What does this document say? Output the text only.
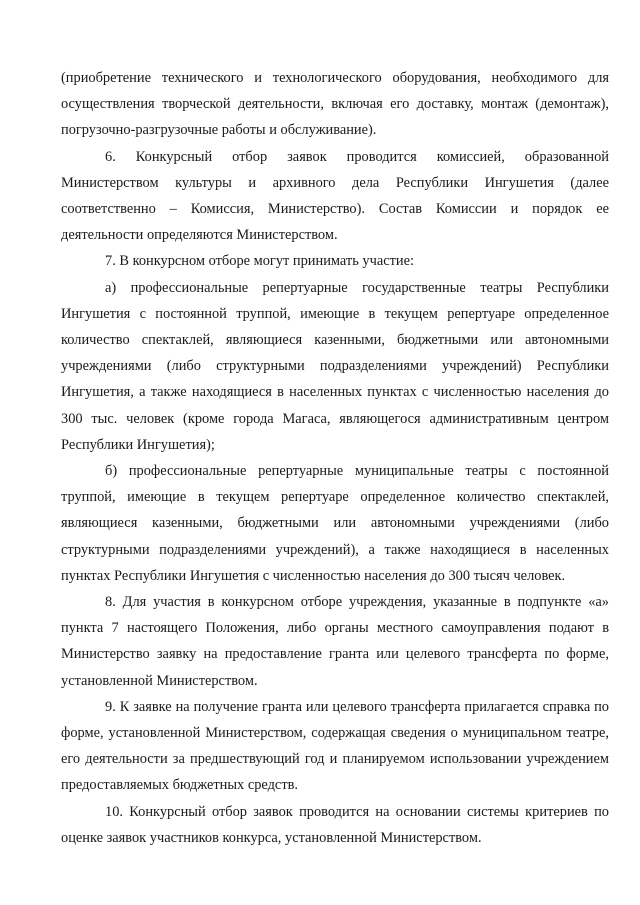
(приобретение технического и технологического оборудования, необходимого для осуществления творческой деятельности, включая его доставку, монтаж (демонтаж), погрузочно-разгрузочные работы и обслуживание).

6. Конкурсный отбор заявок проводится комиссией, образованной Министерством культуры и архивного дела Республики Ингушетия (далее соответственно – Комиссия, Министерство). Состав Комиссии и порядок ее деятельности определяются Министерством.

7. В конкурсном отборе могут принимать участие:

а) профессиональные репертуарные государственные театры Республики Ингушетия с постоянной труппой, имеющие в текущем репертуаре определенное количество спектаклей, являющиеся казенными, бюджетными или автономными учреждениями (либо структурными подразделениями учреждений) Республики Ингушетия, а также находящиеся в населенных пунктах с численностью населения до 300 тыс. человек (кроме города Магаса, являющегося административным центром Республики Ингушетия);

б) профессиональные репертуарные муниципальные театры с постоянной труппой, имеющие в текущем репертуаре определенное количество спектаклей, являющиеся казенными, бюджетными или автономными учреждениями (либо структурными подразделениями учреждений), а также находящиеся в населенных пунктах Республики Ингушетия с численностью населения до 300 тысяч человек.

8. Для участия в конкурсном отборе учреждения, указанные в подпункте «а» пункта 7 настоящего Положения, либо органы местного самоуправления подают в Министерство заявку на предоставление гранта или целевого трансферта по форме, установленной Министерством.

9. К заявке на получение гранта или целевого трансферта прилагается справка по форме, установленной Министерством, содержащая сведения о муниципальном театре, его деятельности за предшествующий год и планируемом использовании учреждением предоставляемых бюджетных средств.

10. Конкурсный отбор заявок проводится на основании системы критериев по оценке заявок участников конкурса, установленной Министерством.
